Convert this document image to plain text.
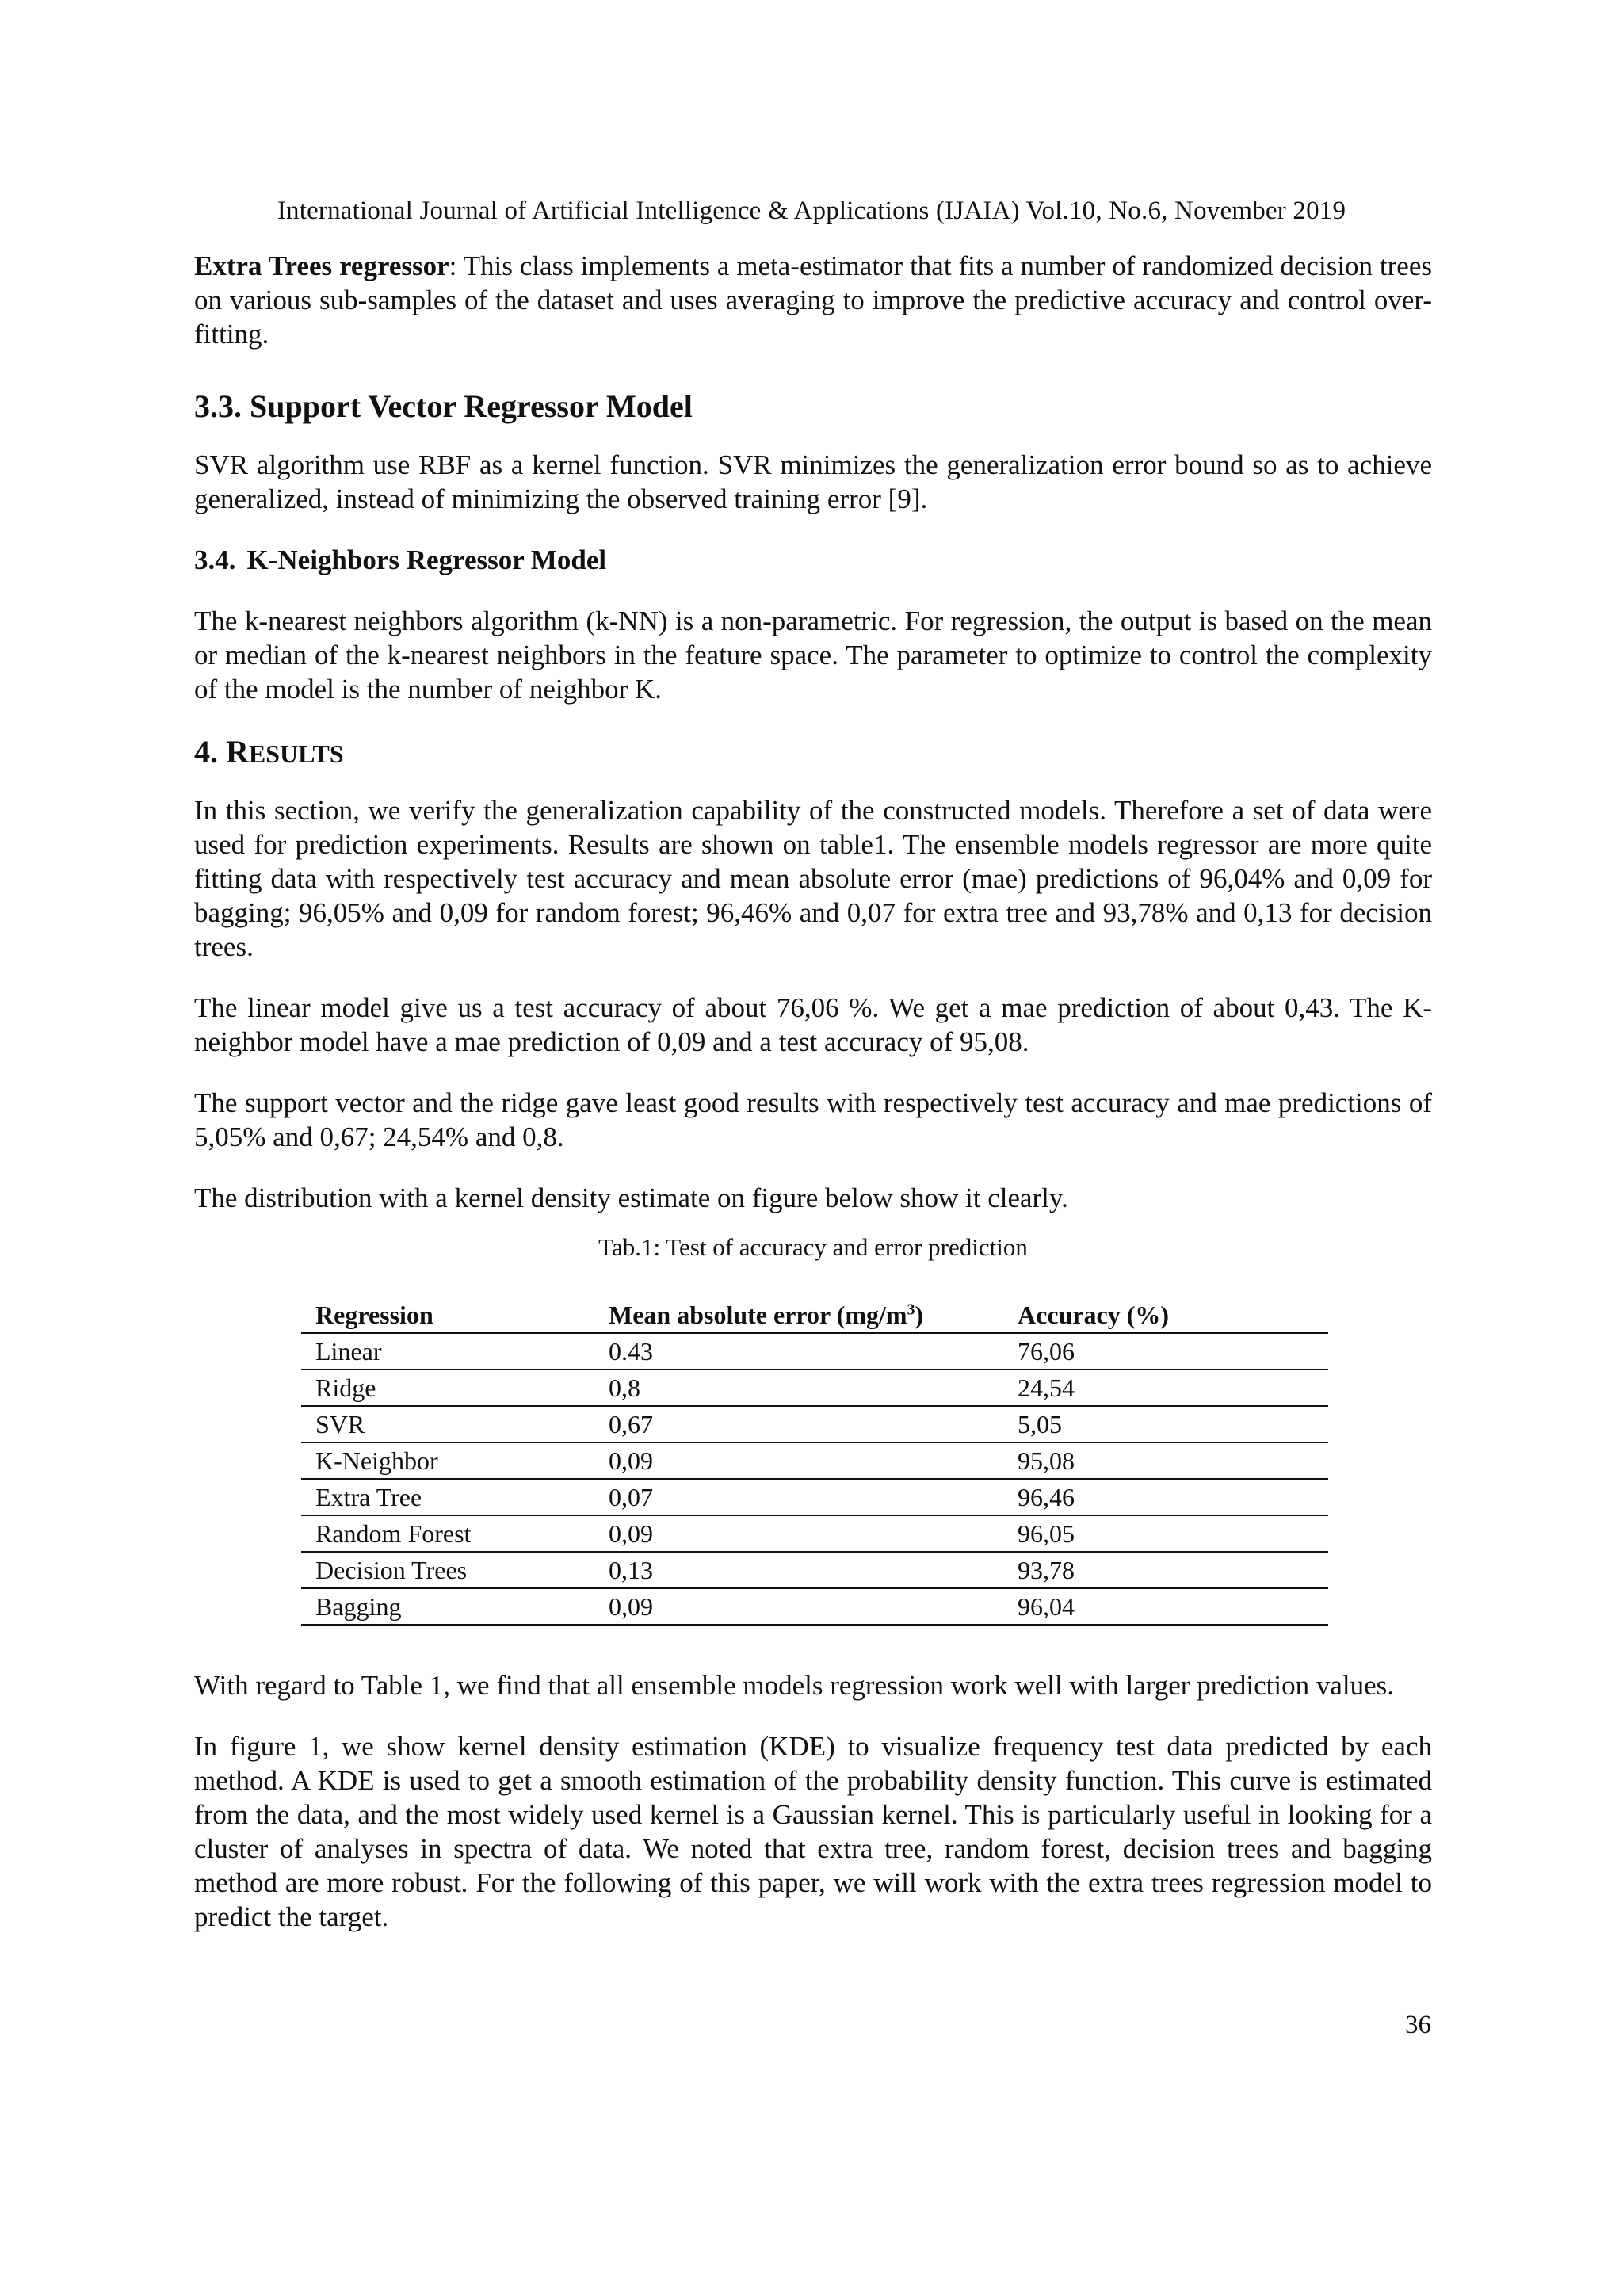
International Journal of Artificial Intelligence & Applications (IJAIA) Vol.10, No.6, November 2019

Extra Trees regressor: This class implements a meta-estimator that fits a number of randomized decision trees on various sub-samples of the dataset and uses averaging to improve the predictive accuracy and control over-fitting.

3.3. Support Vector Regressor Model

SVR algorithm use RBF as a kernel function. SVR minimizes the generalization error bound so as to achieve generalized, instead of minimizing the observed training error [9].

3.4. K-Neighbors Regressor Model

The k-nearest neighbors algorithm (k-NN) is a non-parametric. For regression, the output is based on the mean or median of the k-nearest neighbors in the feature space. The parameter to optimize to control the complexity of the model is the number of neighbor K.

4. RESULTS

In this section, we verify the generalization capability of the constructed models. Therefore a set of data were used for prediction experiments. Results are shown on table1. The ensemble models regressor are more quite fitting data with respectively test accuracy and mean absolute error (mae) predictions of 96,04% and 0,09 for bagging; 96,05% and 0,09 for random forest; 96,46% and 0,07 for extra tree and 93,78% and 0,13 for decision trees.

The linear model give us a test accuracy of about 76,06 %. We get a mae prediction of about 0,43. The K-neighbor model have a mae prediction of 0,09 and a test accuracy of 95,08.

The support vector and the ridge gave least good results with respectively test accuracy and mae predictions of 5,05% and 0,67; 24,54% and 0,8.

The distribution with a kernel density estimate on figure below show it clearly.

Tab.1: Test of accuracy and error prediction
Regression	Mean absolute error $(mg/m^3)$	Accuracy (%)
Linear	0.43	76,06
Ridge	0,8	24,54
SVR	0,67	5,05
K-Neighbor	0,09	95,08
Extra Tree	0,07	96,46
Random Forest	0,09	96,05
Decision Trees	0,13	93,78
Bagging	0,09	96,04

With regard to Table 1, we find that all ensemble models regression work well with larger prediction values.

In figure 1, we show kernel density estimation (KDE) to visualize frequency test data predicted by each method. A KDE is used to get a smooth estimation of the probability density function. This curve is estimated from the data, and the most widely used kernel is a Gaussian kernel. This is particularly useful in looking for a cluster of analyses in spectra of data. We noted that extra tree, random forest, decision trees and bagging method are more robust. For the following of this paper, we will work with the extra trees regression model to predict the target.

36
